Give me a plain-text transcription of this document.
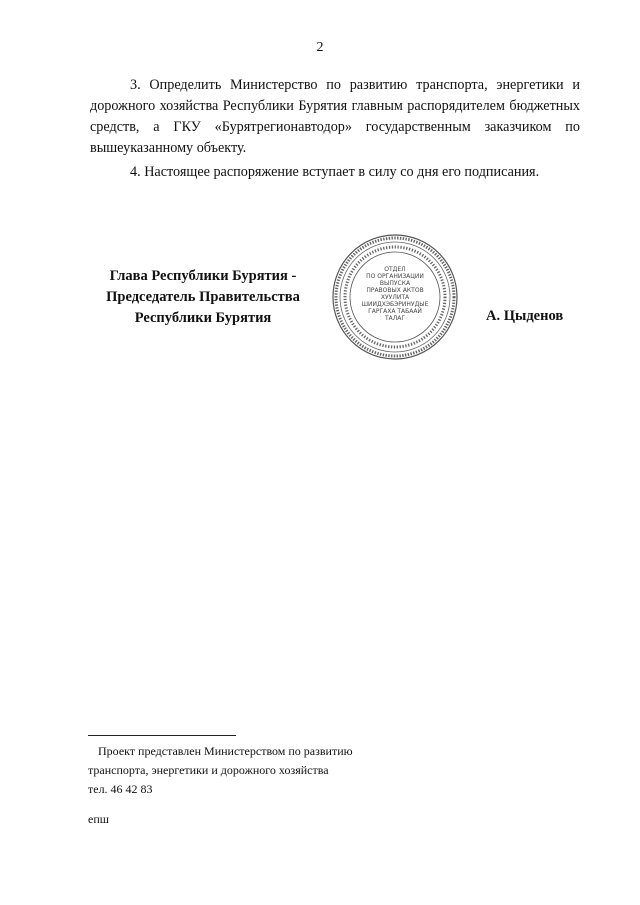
2

3. Определить Министерство по развитию транспорта, энергетики и дорожного хозяйства Республики Бурятия главным распорядителем бюджетных средств, а ГКУ «Бурятрегионавтодор» государственным заказчиком по вышеуказанному объекту.

4. Настоящее распоряжение вступает в силу со дня его подписания.

Глава Республики Бурятия -
Председатель Правительства
Республики Бурятия
ОТДЕЛ
ПО ОРГАНИЗАЦИИ
ВЫПУСКА
ПРАВОВЫХ АКТОВ
ХУУЛИТА
ШИИДХЭБЭРИНУДЫЕ
ГАРГАХА ТАБААЙ
ТАЛАГ	А. Цыденов
Проект представлен Министерством по развитию
транспорта, энергетики и дорожного хозяйства
тел. 46 42 83
епш
